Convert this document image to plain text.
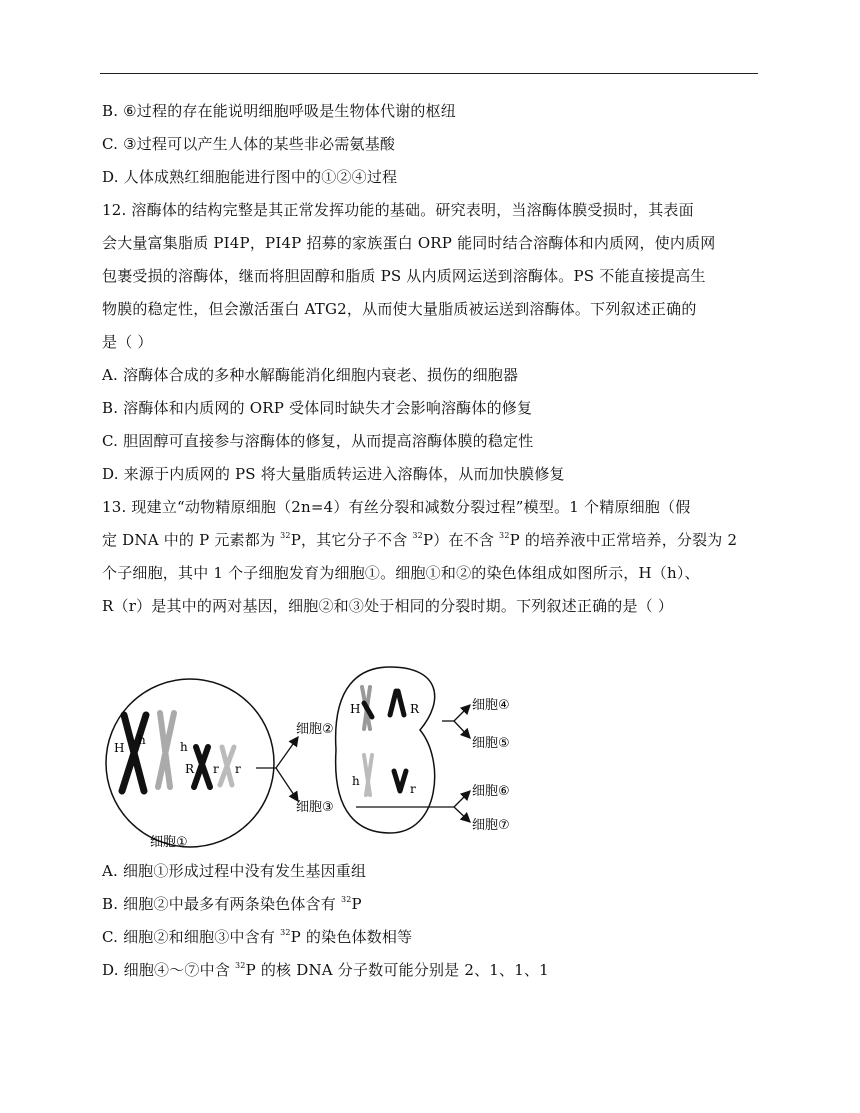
B. ⑥过程的存在能说明细胞呼吸是生物体代谢的枢纽
C. ③过程可以产生人体的某些非必需氨基酸
D. 人体成熟红细胞能进行图中的①②④过程
12. 溶酶体的结构完整是其正常发挥功能的基础。研究表明，当溶酶体膜受损时，其表面
会大量富集脂质 PI4P，PI4P 招募的家族蛋白 ORP 能同时结合溶酶体和内质网，使内质网
包裹受损的溶酶体，继而将胆固醇和脂质 PS 从内质网运送到溶酶体。PS 不能直接提高生
物膜的稳定性，但会激活蛋白 ATG2，从而使大量脂质被运送到溶酶体。下列叙述正确的
是（ ）
A. 溶酶体合成的多种水解酶能消化细胞内衰老、损伤的细胞器
B. 溶酶体和内质网的 ORP 受体同时缺失才会影响溶酶体的修复
C. 胆固醇可直接参与溶酶体的修复，从而提高溶酶体膜的稳定性
D. 来源于内质网的 PS 将大量脂质转运进入溶酶体，从而加快膜修复
13. 现建立“动物精原细胞（2n=4）有丝分裂和减数分裂过程”模型。1 个精原细胞（假
定 DNA 中的 P 元素都为 $^{32}$P，其它分子不含 $^{32}$P）在不含 $^{32}$P 的培养液中正常培养，分裂为 2
个子细胞，其中 1 个子细胞发育为细胞①。细胞①和②的染色体组成如图所示，H（h）、
R（r）是其中的两对基因，细胞②和③处于相同的分裂时期。下列叙述正确的是（ ）
H
h	h
R r r
细胞①
细胞②
细胞③
H	R
h
r
细胞④
细胞⑤
细胞⑥
细胞⑦
A. 细胞①形成过程中没有发生基因重组
B. 细胞②中最多有两条染色体含有 $^{32}$P
C. 细胞②和细胞③中含有 $^{32}$P 的染色体数相等
D. 细胞④～⑦中含 $^{32}$P 的核 DNA 分子数可能分别是 2、1、1、1
